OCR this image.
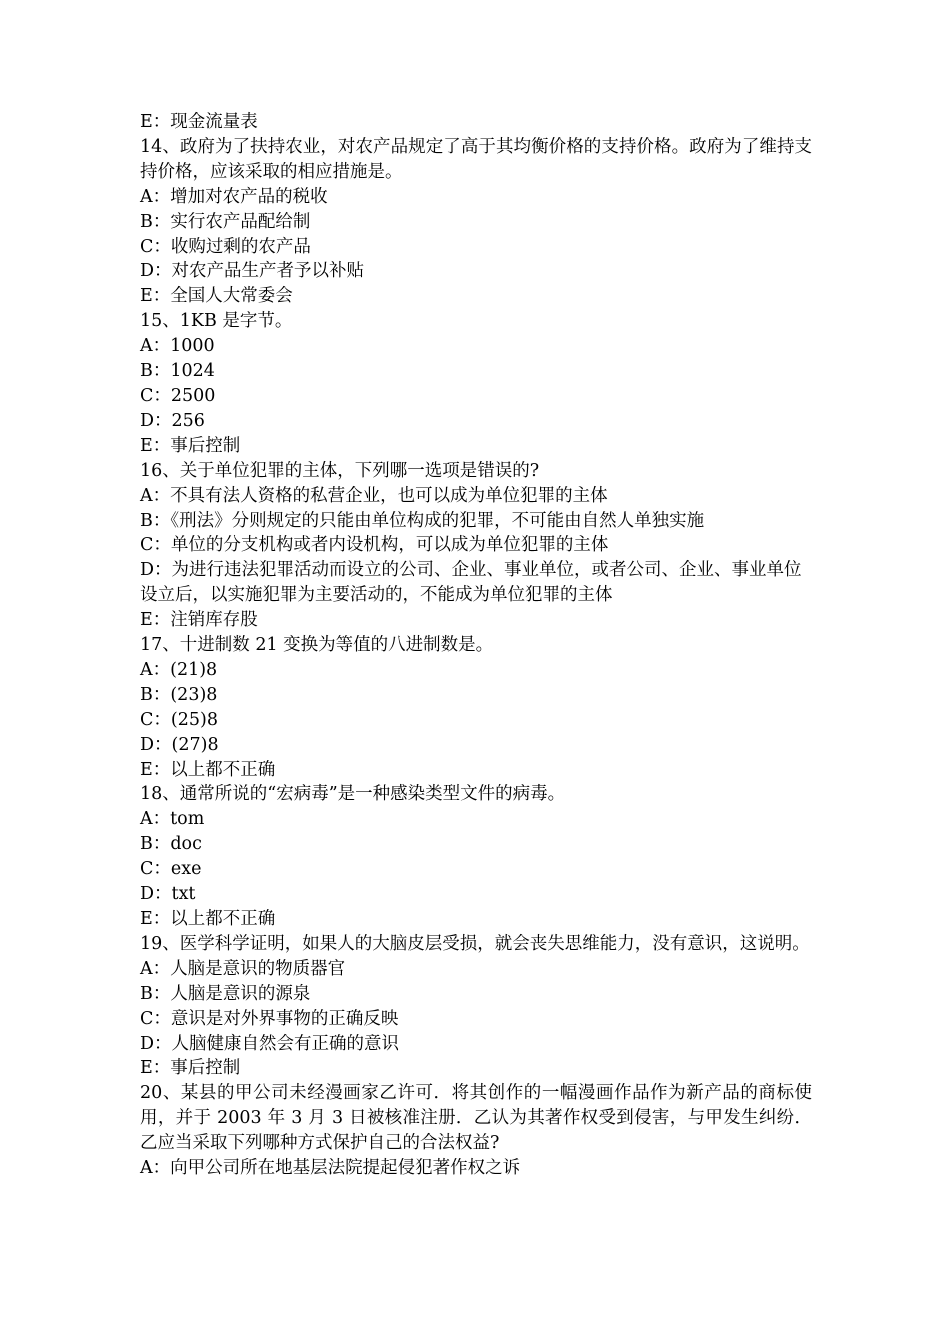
E：现金流量表
14、政府为了扶持农业，对农产品规定了高于其均衡价格的支持价格。政府为了维持支持价格，应该采取的相应措施是。
A：增加对农产品的税收
B：实行农产品配给制
C：收购过剩的农产品
D：对农产品生产者予以补贴
E：全国人大常委会
15、1KB 是字节。
A：1000
B：1024
C：2500
D：256
E：事后控制
16、关于单位犯罪的主体，下列哪一选项是错误的?
A：不具有法人资格的私营企业，也可以成为单位犯罪的主体
B：《刑法》分则规定的只能由单位构成的犯罪，不可能由自然人单独实施
C：单位的分支机构或者内设机构，可以成为单位犯罪的主体
D：为进行违法犯罪活动而设立的公司、企业、事业单位，或者公司、企业、事业单位设立后，以实施犯罪为主要活动的，不能成为单位犯罪的主体
E：注销库存股
17、十进制数 21 变换为等值的八进制数是。
A：(21)8
B：(23)8
C：(25)8
D：(27)8
E：以上都不正确
18、通常所说的“宏病毒”是一种感染类型文件的病毒。
A：tom
B：doc
C：exe
D：txt
E：以上都不正确
19、医学科学证明，如果人的大脑皮层受损，就会丧失思维能力，没有意识，这说明。
A：人脑是意识的物质器官
B：人脑是意识的源泉
C：意识是对外界事物的正确反映
D：人脑健康自然会有正确的意识
E：事后控制
20、某县的甲公司未经漫画家乙许可．将其创作的一幅漫画作品作为新产品的商标使用，并于 2003 年 3 月 3 日被核准注册．乙认为其著作权受到侵害，与甲发生纠纷．乙应当采取下列哪种方式保护自己的合法权益?
A：向甲公司所在地基层法院提起侵犯著作权之诉
